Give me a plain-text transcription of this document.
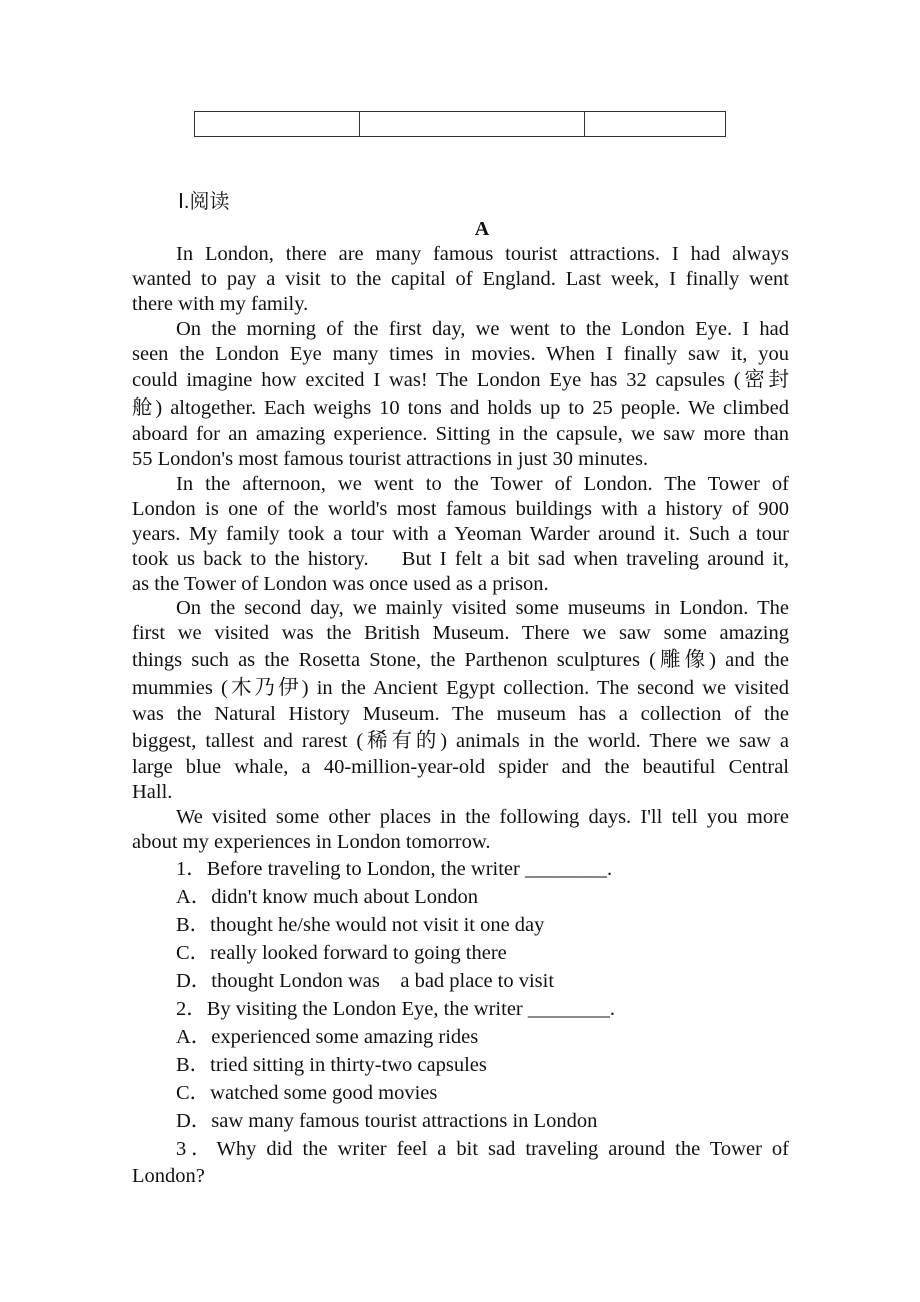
Ⅰ.阅读
A
In London, there are many famous tourist attractions. I had always
wanted to pay a visit to the capital of England. Last week, I finally went
there with my family.
On the morning of the first day, we went to the London Eye. I had
seen the London Eye many times in movies. When I finally saw it, you
could imagine how excited I was! The London Eye has 32 capsules (密封
舱) altogether. Each weighs 10 tons and holds up to 25 people. We climbed
aboard for an amazing experience. Sitting in the capsule, we saw more than
55 London's most famous tourist attractions in just 30 minutes.
In the afternoon, we went to the Tower of London. The Tower of
London is one of the world's most famous buildings with a history of 900
years. My family took a tour with a Yeoman Warder around it. Such a tour
took us back to the history.    But I felt a bit sad when traveling around it,
as the Tower of London was once used as a prison.
On the second day, we mainly visited some museums in London. The
first we visited was the British Museum. There we saw some amazing
things such as the Rosetta Stone, the Parthenon sculptures (雕像) and the
mummies (木乃伊) in the Ancient Egypt collection. The second we visited
was the Natural History Museum. The museum has a collection of the
biggest, tallest and rarest (稀有的) animals in the world. There we saw a
large blue whale, a 40-million-year-old spider and the beautiful Central
Hall.
We visited some other places in the following days. I'll tell you more
about my experiences in London tomorrow.
1．Before traveling to London, the writer ________.
A．didn't know much about London
B．thought he/she would not visit it one day
C．really looked forward to going there
D．thought London was    a bad place to visit
2．By visiting the London Eye, the writer ________.
A．experienced some amazing rides
B．tried sitting in thirty-two capsules
C．watched some good movies
D．saw many famous tourist attractions in London
3．Why did the writer feel a bit sad traveling around the Tower of
London?
